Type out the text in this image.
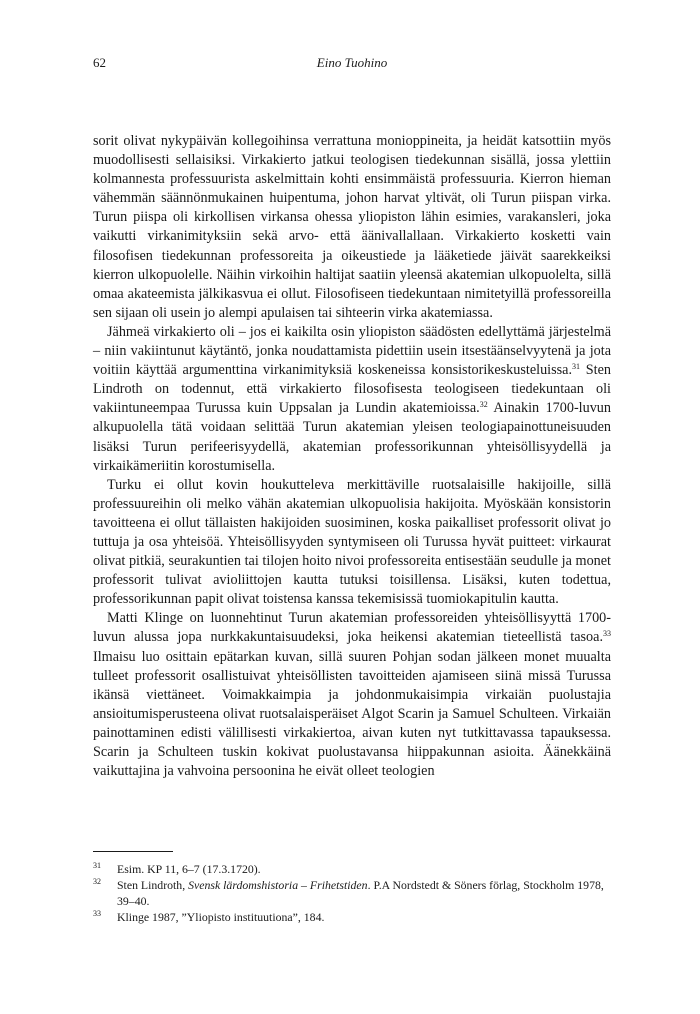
62	Eino Tuohino

sorit olivat nykypäivän kollegoihinsa verrattuna monioppineita, ja heidät katsottiin myös muodollisesti sellaisiksi. Virkakierto jatkui teologisen tiedekunnan sisällä, jossa ylettiin kolmannesta professuurista askelmittain kohti ensimmäistä professuuria. Kierron hieman vähemmän säännönmukainen huipentuma, johon harvat yltivät, oli Turun piispan virka. Turun piispa oli kirkollisen virkansa ohessa yliopiston lähin esimies, varakansleri, joka vaikutti virkanimityksiin sekä arvo- että äänivallallaan. Virkakierto kosketti vain filosofisen tiedekunnan professoreita ja oikeustiede ja lääketiede jäivät saarekkeiksi kierron ulkopuolelle. Näihin virkoihin haltijat saatiin yleensä akatemian ulkopuolelta, sillä omaa akateemista jälkikasvua ei ollut. Filosofiseen tiedekuntaan nimitetyillä professoreilla sen sijaan oli usein jo alempi apulaisen tai sihteerin virka akatemiassa.

Jähmeä virkakierto oli – jos ei kaikilta osin yliopiston säädösten edellyttämä järjestelmä – niin vakiintunut käytäntö, jonka noudattamista pidettiin usein itsestäänselvyytenä ja jota voitiin käyttää argumenttina virkanimityksiä koskeneissa konsistorikeskusteluissa.$^{31}$ Sten Lindroth on todennut, että virkakierto filosofisesta teologiseen tiedekuntaan oli vakiintuneempaa Turussa kuin Uppsalan ja Lundin akatemioissa.$^{32}$ Ainakin 1700-luvun alkupuolella tätä voidaan selittää Turun akatemian yleisen teologiapainottuneisuuden lisäksi Turun perifeerisyydellä, akatemian professorikunnan yhteisöllisyydellä ja virkaikämeriitin korostumisella.

Turku ei ollut kovin houkutteleva merkittäville ruotsalaisille hakijoille, sillä professuureihin oli melko vähän akatemian ulkopuolisia hakijoita. Myöskään konsistorin tavoitteena ei ollut tällaisten hakijoiden suosiminen, koska paikalliset professorit olivat jo tuttuja ja osa yhteisöä. Yhteisöllisyyden syntymiseen oli Turussa hyvät puitteet: virkaurat olivat pitkiä, seurakuntien tai tilojen hoito nivoi professoreita entisestään seudulle ja monet professorit tulivat avioliittojen kautta tutuksi toisillensa. Lisäksi, kuten todettua, professorikunnan papit olivat toistensa kanssa tekemisissä tuomiokapitulin kautta.

Matti Klinge on luonnehtinut Turun akatemian professoreiden yhteisöllisyyttä 1700-luvun alussa jopa nurkkakuntaisuudeksi, joka heikensi akatemian tieteellistä tasoa.$^{33}$ Ilmaisu luo osittain epätarkan kuvan, sillä suuren Pohjan sodan jälkeen monet muualta tulleet professorit osallistuivat yhteisöllisten tavoitteiden ajamiseen siinä missä Turussa ikänsä viettäneet. Voimakkaimpia ja johdonmukaisimpia virkaiän puolustajia ansioitumisperusteena olivat ruotsalaisperäiset Algot Scarin ja Samuel Schulteen. Virkaiän painottaminen edisti välillisesti virkakiertoa, aivan kuten nyt tutkittavassa tapauksessa. Scarin ja Schulteen tuskin kokivat puolustavansa hiippakunnan asioita. Äänekkäinä vaikuttajina ja vahvoina persoonina he eivät olleet teologien

31	Esim. KP 11, 6–7 (17.3.1720).
32	Sten Lindroth, Svensk lärdomshistoria – Frihetstiden. P.A Nordstedt & Söners förlag, Stockholm 1978, 39–40.
33	Klinge 1987, ”Yliopisto instituutiona”, 184.
